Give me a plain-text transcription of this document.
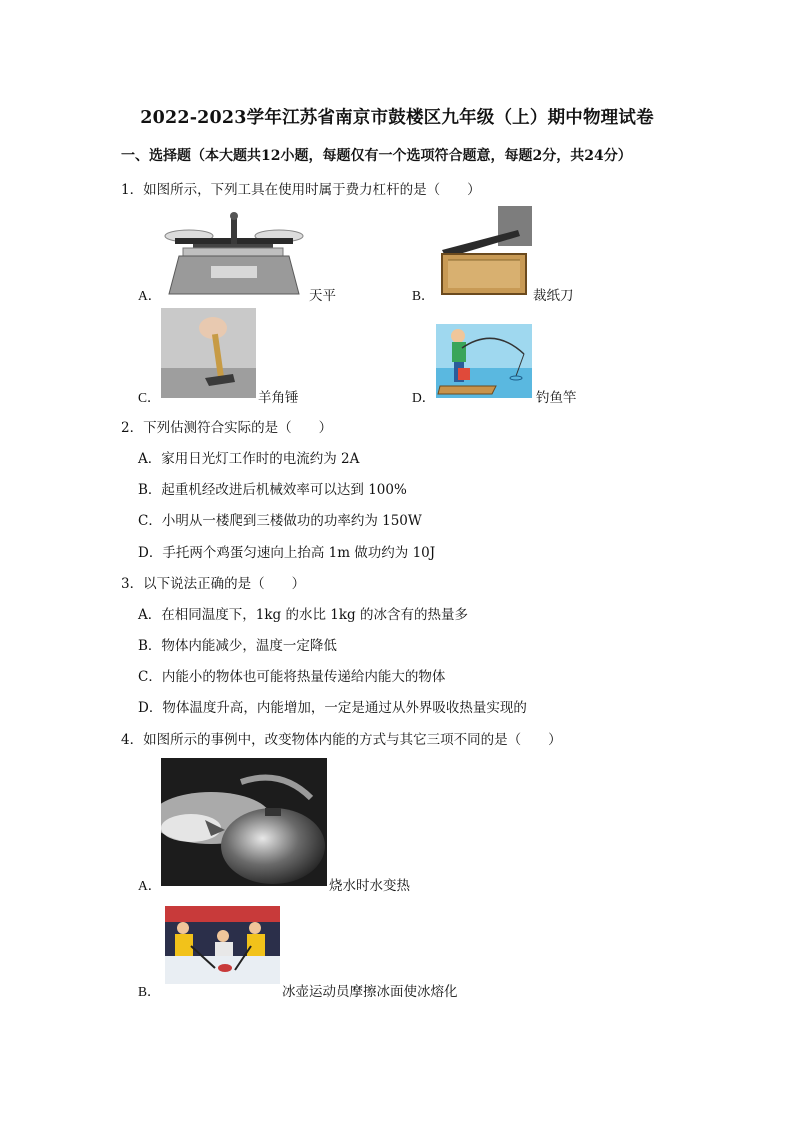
2022-2023学年江苏省南京市鼓楼区九年级（上）期中物理试卷
一、选择题（本大题共12小题，每题仅有一个选项符合题意，每题2分，共24分）
1．如图所示，下列工具在使用时属于费力杠杆的是（　　）
A．	天平	B．	裁纸刀
C．	羊角锤	D．	钓鱼竿
2．下列估测符合实际的是（　　）
A．家用日光灯工作时的电流约为 2A
B．起重机经改进后机械效率可以达到 100%
C．小明从一楼爬到三楼做功的功率约为 150W
D．手托两个鸡蛋匀速向上抬高 1m 做功约为 10J
3．以下说法正确的是（　　）
A．在相同温度下，1kg 的水比 1kg 的冰含有的热量多
B．物体内能减少，温度一定降低
C．内能小的物体也可能将热量传递给内能大的物体
D．物体温度升高，内能增加，一定是通过从外界吸收热量实现的
4．如图所示的事例中，改变物体内能的方式与其它三项不同的是（　　）
A．	烧水时水变热
B．	冰壶运动员摩擦冰面使冰熔化
